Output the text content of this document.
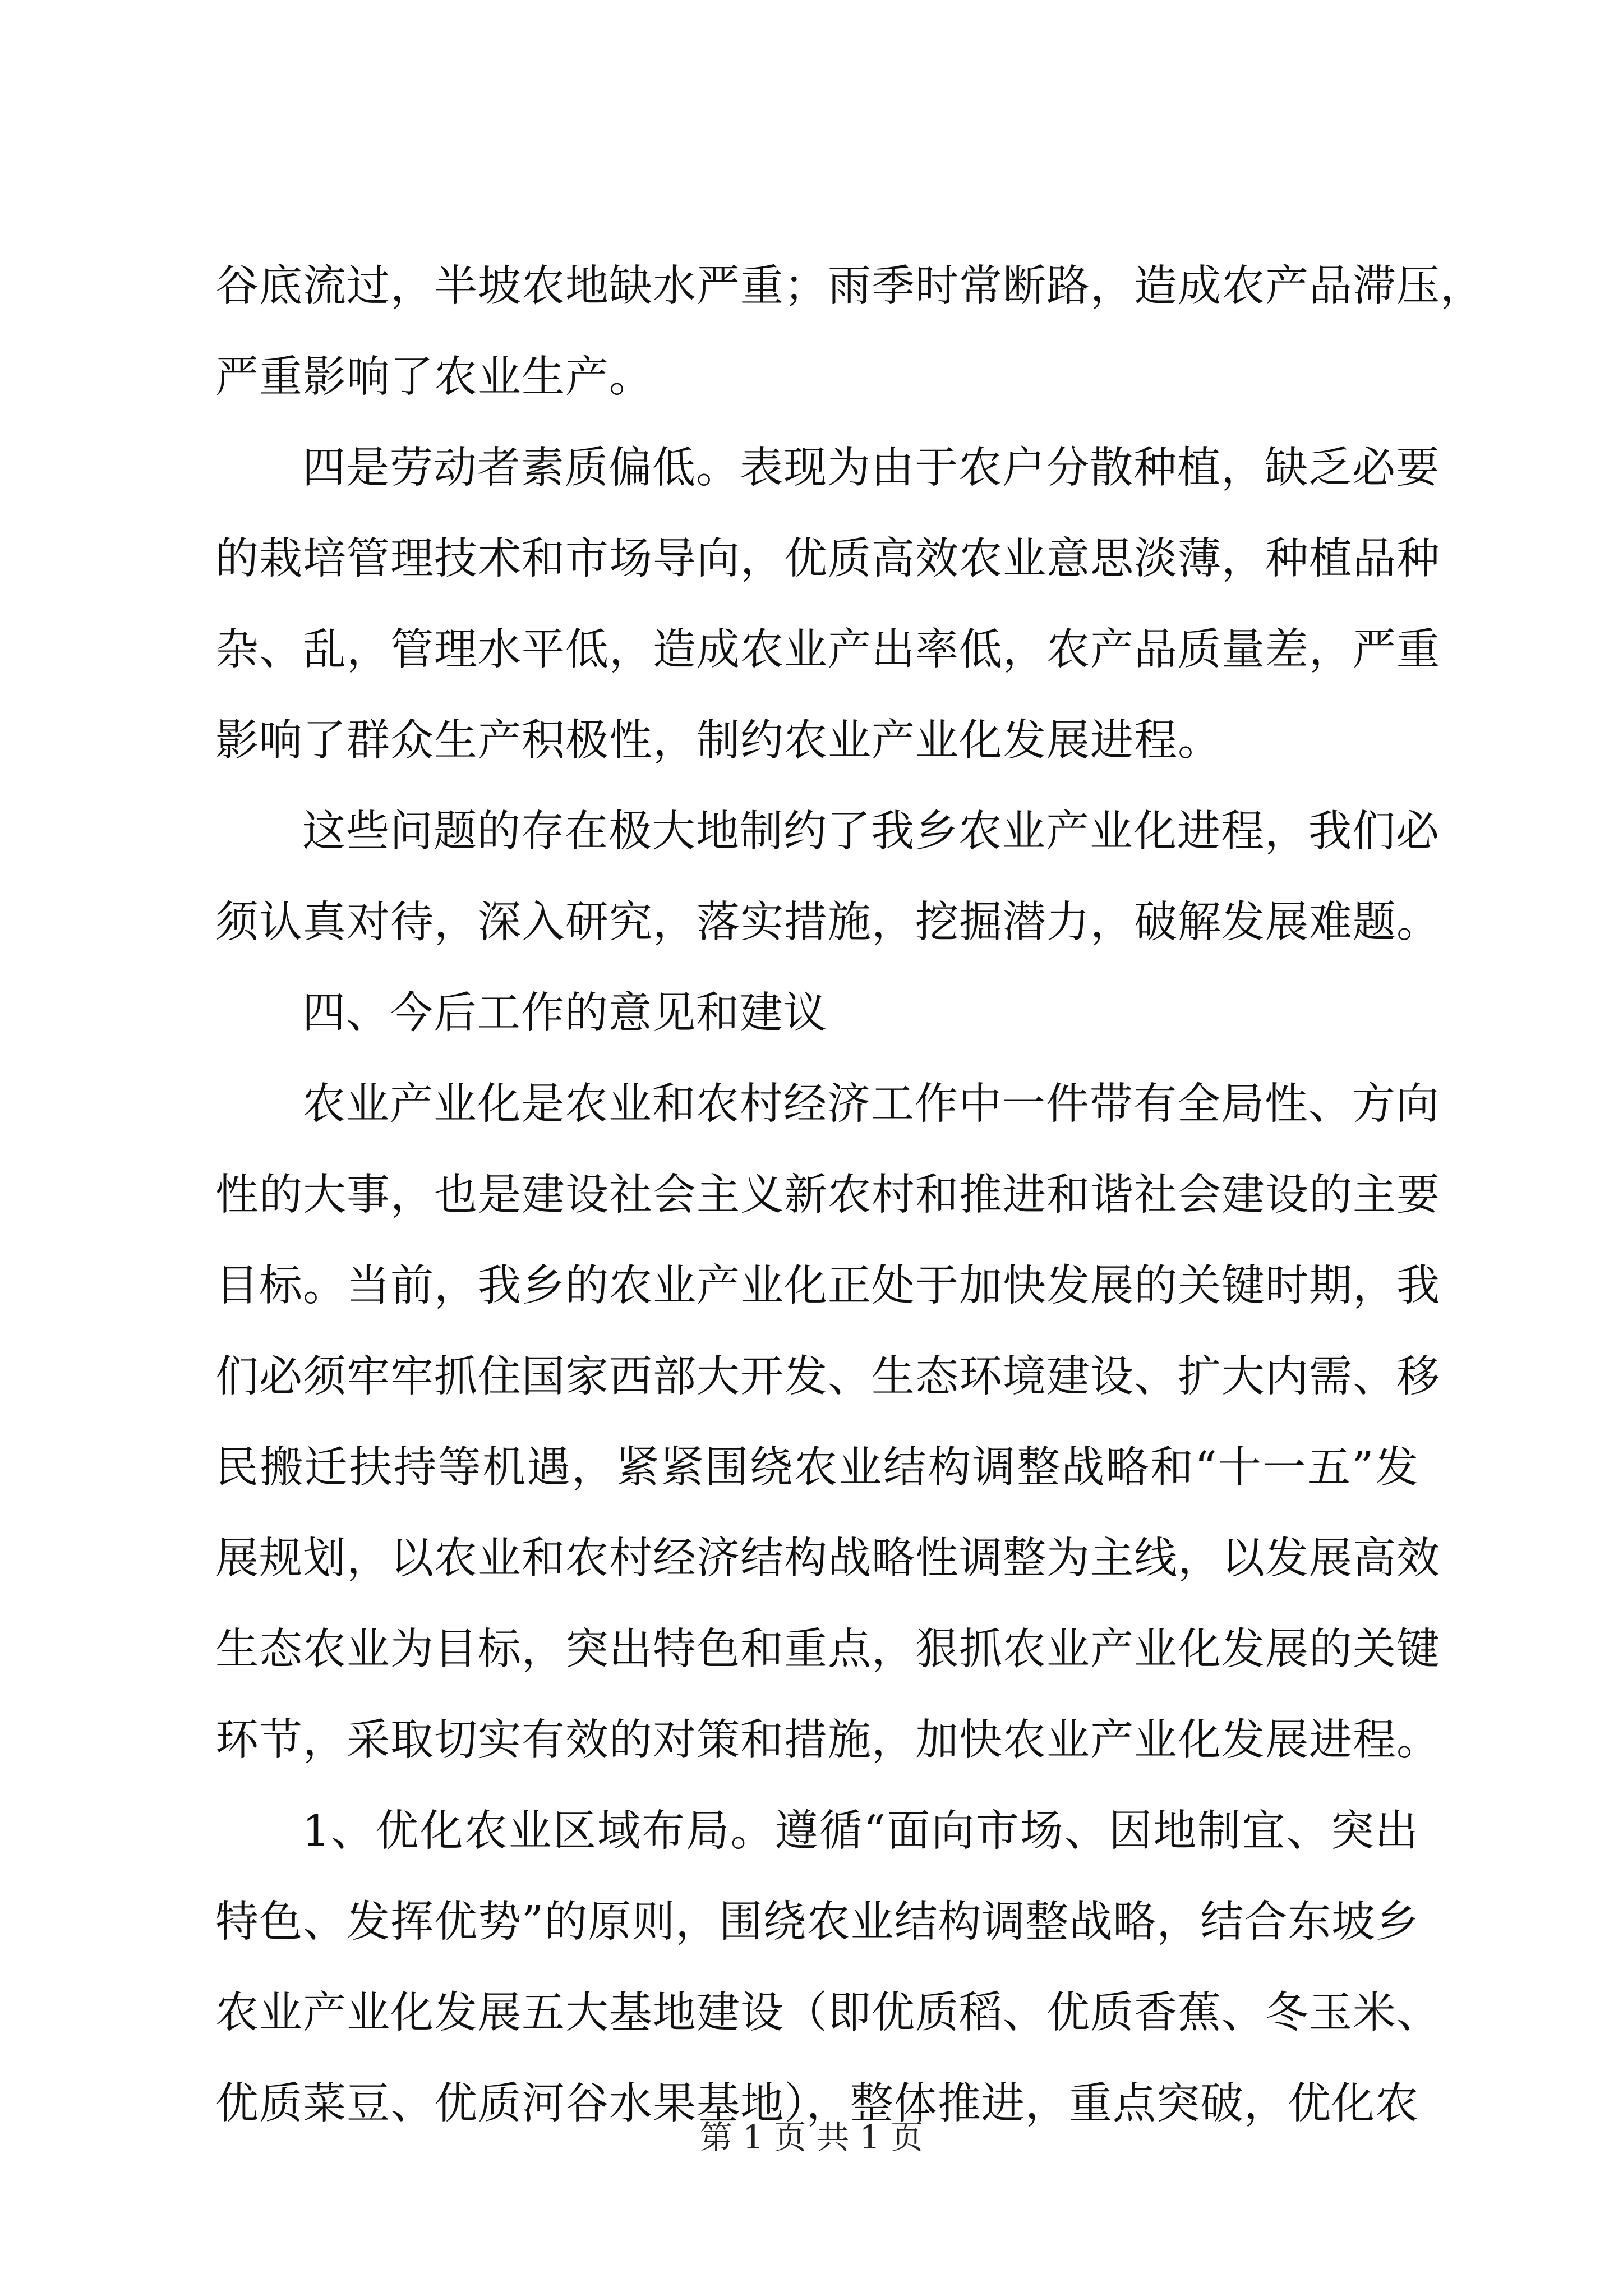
谷底流过，半坡农地缺水严重；雨季时常断路，造成农产品滞压，
严重影响了农业生产。
四是劳动者素质偏低。表现为由于农户分散种植，缺乏必要
的栽培管理技术和市场导向，优质高效农业意思淡薄，种植品种
杂、乱，管理水平低，造成农业产出率低，农产品质量差，严重
影响了群众生产积极性，制约农业产业化发展进程。
这些问题的存在极大地制约了我乡农业产业化进程，我们必
须认真对待，深入研究，落实措施，挖掘潜力，破解发展难题。
四、今后工作的意见和建议
农业产业化是农业和农村经济工作中一件带有全局性、方向
性的大事，也是建设社会主义新农村和推进和谐社会建设的主要
目标。当前，我乡的农业产业化正处于加快发展的关键时期，我
们必须牢牢抓住国家西部大开发、生态环境建设、扩大内需、移
民搬迁扶持等机遇，紧紧围绕农业结构调整战略和“十一五”发
展规划，以农业和农村经济结构战略性调整为主线，以发展高效
生态农业为目标，突出特色和重点，狠抓农业产业化发展的关键
环节，采取切实有效的对策和措施，加快农业产业化发展进程。
1、优化农业区域布局。遵循“面向市场、因地制宜、突出
特色、发挥优势”的原则，围绕农业结构调整战略，结合东坡乡
农业产业化发展五大基地建设（即优质稻、优质香蕉、冬玉米、
优质菜豆、优质河谷水果基地），整体推进，重点突破，优化农
第 1 页 共 1 页
